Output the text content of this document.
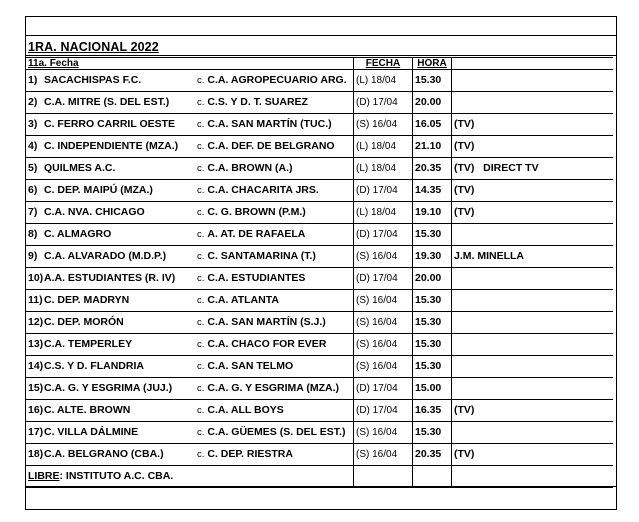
1RA. NACIONAL 2022
11a. Fecha	FECHA	HORA	
1) SACACHISPAS F.C. c. C.A. AGROPECUARIO ARG.	(L) 18/04	15.30	
2) C.A. MITRE (S. DEL EST.) c. C.S. Y D. T. SUAREZ	(D) 17/04	20.00	
3) C. FERRO CARRIL OESTE c. C.A. SAN MARTÍN (TUC.)	(S) 16/04	16.05	(TV)
4) C. INDEPENDIENTE (MZA.) c. C.A. DEF. DE BELGRANO	(L) 18/04	21.10	(TV)
5) QUILMES A.C. c. C.A. BROWN (A.)	(L) 18/04	20.35	(TV)   DIRECT TV
6) C. DEP. MAIPÚ (MZA.) c. C.A. CHACARITA JRS.	(D) 17/04	14.35	(TV)
7) C.A. NVA. CHICAGO c. C. G. BROWN (P.M.)	(L) 18/04	19.10	(TV)
8) C. ALMAGRO c. A. AT. DE RAFAELA	(D) 17/04	15.30	
9) C.A. ALVARADO (M.D.P.) c. C. SANTAMARINA (T.)	(S) 16/04	19.30	J.M. MINELLA
10)A.A. ESTUDIANTES (R. IV) c. C.A. ESTUDIANTES	(D) 17/04	20.00	
11)C. DEP. MADRYN c. C.A. ATLANTA	(S) 16/04	15.30	
12)C. DEP. MORÓN c. C.A. SAN MARTÍN (S.J.)	(S) 16/04	15.30	
13)C.A. TEMPERLEY c. C.A. CHACO FOR EVER	(S) 16/04	15.30	
14)C.S. Y D. FLANDRIA c. C.A. SAN TELMO	(S) 16/04	15.30	
15)C.A. G. Y ESGRIMA (JUJ.) c. C.A. G. Y ESGRIMA (MZA.)	(D) 17/04	15.00	
16)C. ALTE. BROWN c. C.A. ALL BOYS	(D) 17/04	16.35	(TV)
17)C. VILLA DÁLMINE c. C.A. GÜEMES (S. DEL EST.)	(S) 16/04	15.30	
18)C.A. BELGRANO (CBA.) c. C. DEP. RIESTRA	(S) 16/04	20.35	(TV)
LIBRE: INSTITUTO A.C. CBA.			
